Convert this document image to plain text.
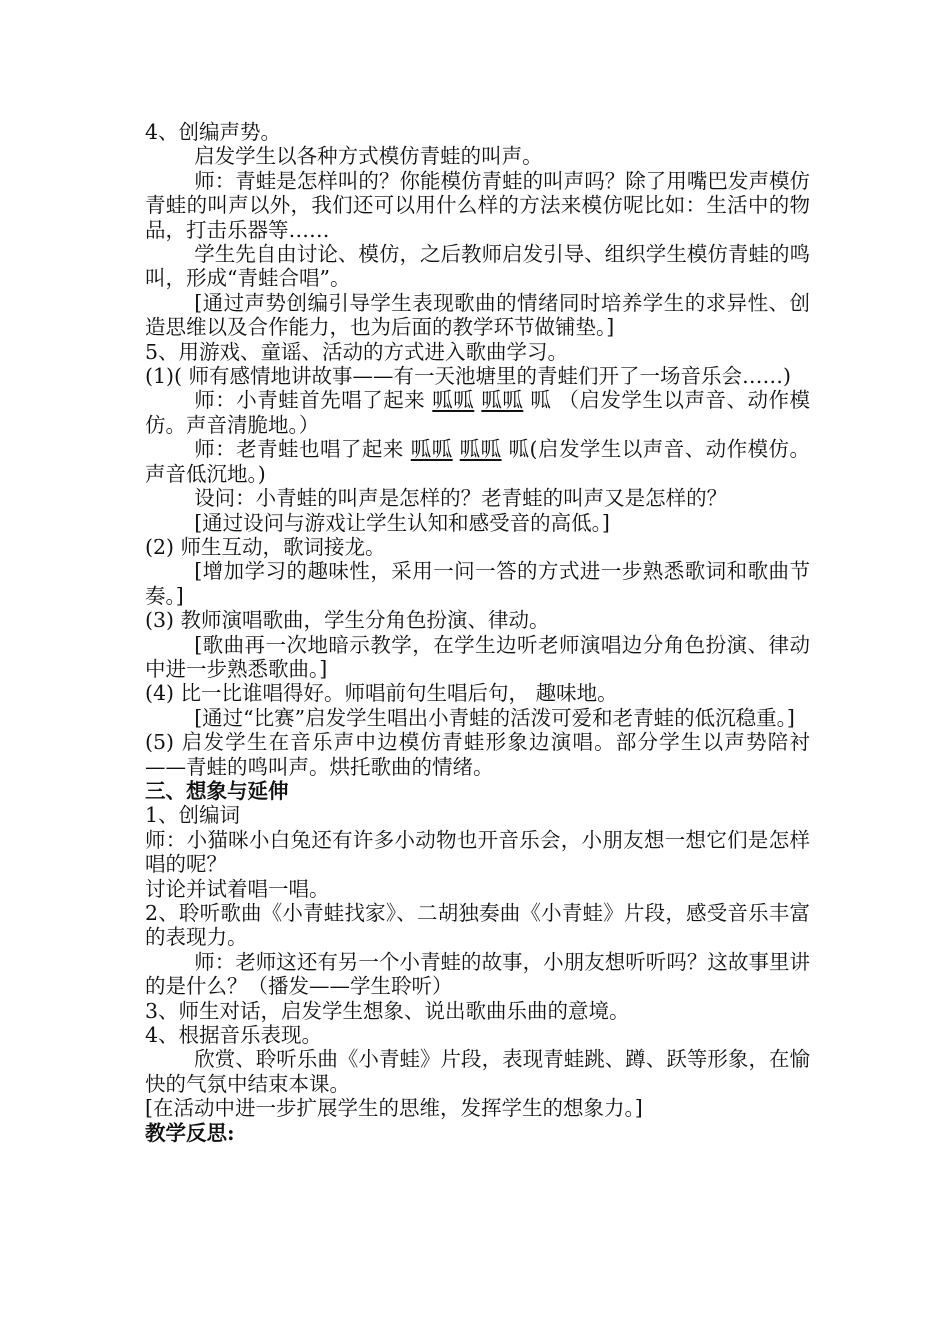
4、创编声势。

启发学生以各种方式模仿青蛙的叫声。

师：青蛙是怎样叫的？你能模仿青蛙的叫声吗？除了用嘴巴发声模仿青蛙的叫声以外，我们还可以用什么样的方法来模仿呢比如：生活中的物品，打击乐器等……

学生先自由讨论、模仿，之后教师启发引导、组织学生模仿青蛙的鸣叫，形成“青蛙合唱”。

[通过声势创编引导学生表现歌曲的情绪同时培养学生的求异性、创造思维以及合作能力，也为后面的教学环节做铺垫。]

5、用游戏、童谣、活动的方式进入歌曲学习。

(1)( 师有感情地讲故事——有一天池塘里的青蛙们开了一场音乐会……)

师：小青蛙首先唱了起来 呱呱 呱呱 呱 （启发学生以声音、动作模仿。声音清脆地。）

师：老青蛙也唱了起来 呱呱 呱呱 呱(启发学生以声音、动作模仿。声音低沉地。)

设问：小青蛙的叫声是怎样的？老青蛙的叫声又是怎样的？

[通过设问与游戏让学生认知和感受音的高低。]

(2) 师生互动，歌词接龙。

[增加学习的趣味性，采用一问一答的方式进一步熟悉歌词和歌曲节奏。]

(3) 教师演唱歌曲，学生分角色扮演、律动。

[歌曲再一次地暗示教学，在学生边听老师演唱边分角色扮演、律动中进一步熟悉歌曲。]

(4) 比一比谁唱得好。师唱前句生唱后句， 趣味地。

[通过“比赛”启发学生唱出小青蛙的活泼可爱和老青蛙的低沉稳重。]

(5) 启发学生在音乐声中边模仿青蛙形象边演唱。部分学生以声势陪衬——青蛙的鸣叫声。烘托歌曲的情绪。

三、想象与延伸

1、创编词

师：小猫咪小白兔还有许多小动物也开音乐会，小朋友想一想它们是怎样唱的呢？

讨论并试着唱一唱。

2、聆听歌曲《小青蛙找家》、二胡独奏曲《小青蛙》片段，感受音乐丰富的表现力。

师：老师这还有另一个小青蛙的故事，小朋友想听听吗？这故事里讲的是什么？（播发——学生聆听）

3、师生对话，启发学生想象、说出歌曲乐曲的意境。

4、根据音乐表现。

欣赏、聆听乐曲《小青蛙》片段，表现青蛙跳、蹲、跃等形象，在愉快的气氛中结束本课。

[在活动中进一步扩展学生的思维，发挥学生的想象力。]

教学反思:
